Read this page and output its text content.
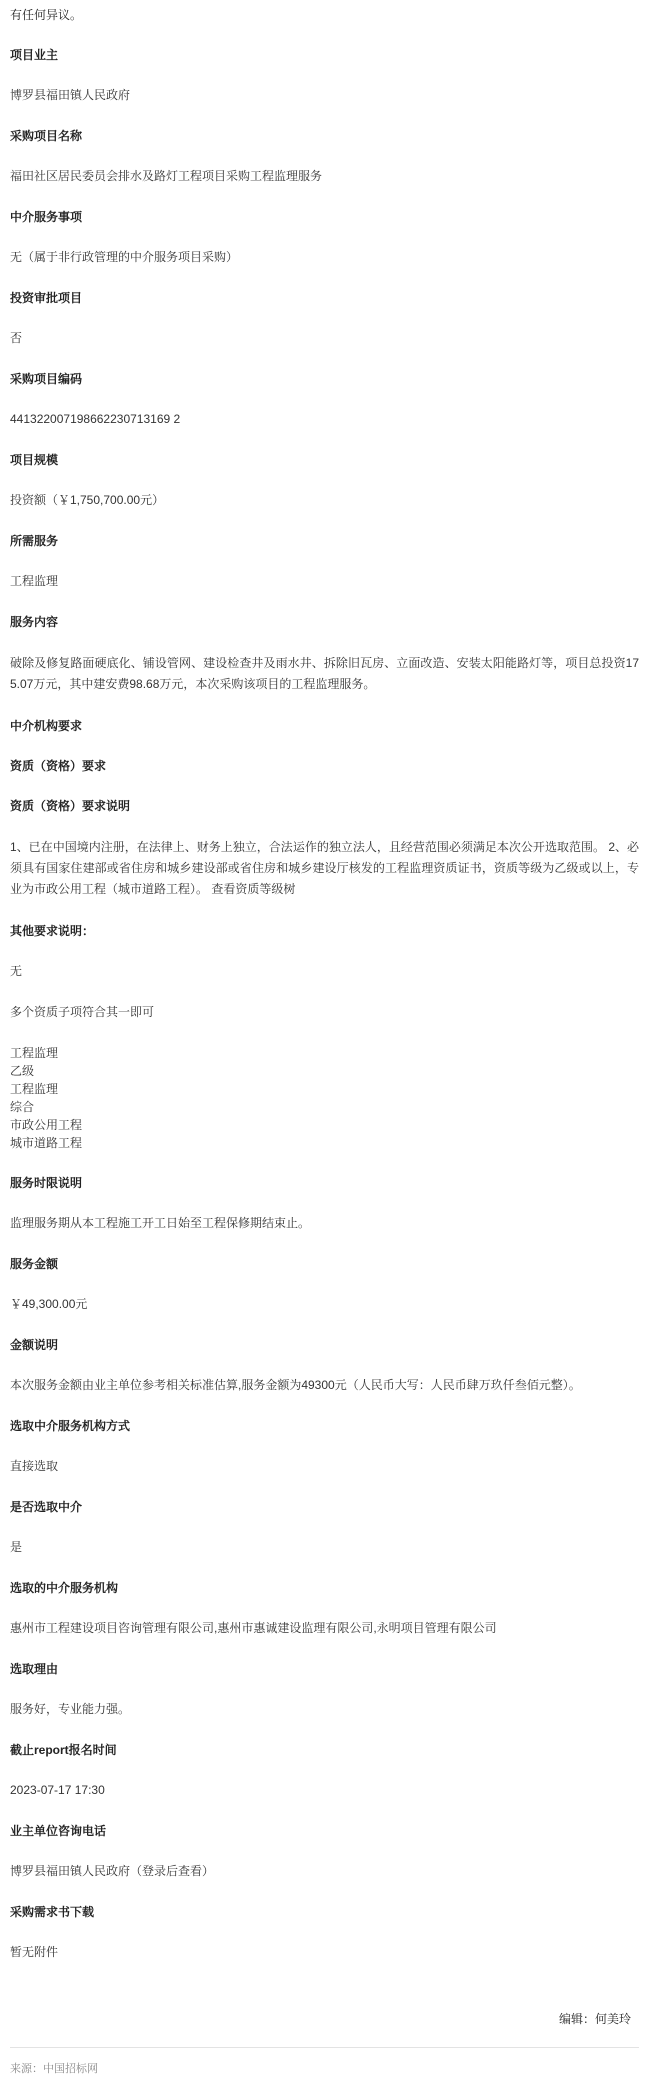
有任何异议。
项目业主
博罗县福田镇人民政府
采购项目名称
福田社区居民委员会排水及路灯工程项目采购工程监理服务
中介服务事项
无（属于非行政管理的中介服务项目采购）
投资审批项目
否
采购项目编码
441322007198662230713169 2
项目规模
投资额（￥1,750,700.00元）
所需服务
工程监理
服务内容
破除及修复路面硬底化、铺设管网、建设检查井及雨水井、拆除旧瓦房、立面改造、安装太阳能路灯等，项目总投资175.07万元，其中建安费98.68万元，本次采购该项目的工程监理服务。
中介机构要求
资质（资格）要求
资质（资格）要求说明
1、已在中国境内注册，在法律上、财务上独立，合法运作的独立法人，且经营范围必须满足本次公开选取范围。 2、必须具有国家住建部或省住房和城乡建设部或省住房和城乡建设厅核发的工程监理资质证书，资质等级为乙级或以上，专业为市政公用工程（城市道路工程）。 查看资质等级树
其他要求说明：
无
多个资质子项符合其一即可
工程监理
乙级
工程监理
综合
市政公用工程
城市道路工程
服务时限说明
监理服务期从本工程施工开工日始至工程保修期结束止。
服务金额
￥49,300.00元
金额说明
本次服务金额由业主单位参考相关标准估算,服务金额为49300元（人民币大写：人民币肆万玖仟叁佰元整）。
选取中介服务机构方式
直接选取
是否选取中介
是
选取的中介服务机构
惠州市工程建设项目咨询管理有限公司,惠州市惠诚建设监理有限公司,永明项目管理有限公司
选取理由
服务好，专业能力强。
截止report报名时间
2023-07-17 17:30
业主单位咨询电话
博罗县福田镇人民政府（登录后查看）
采购需求书下载
暂无附件
编辑：何美玲
来源：中国招标网
